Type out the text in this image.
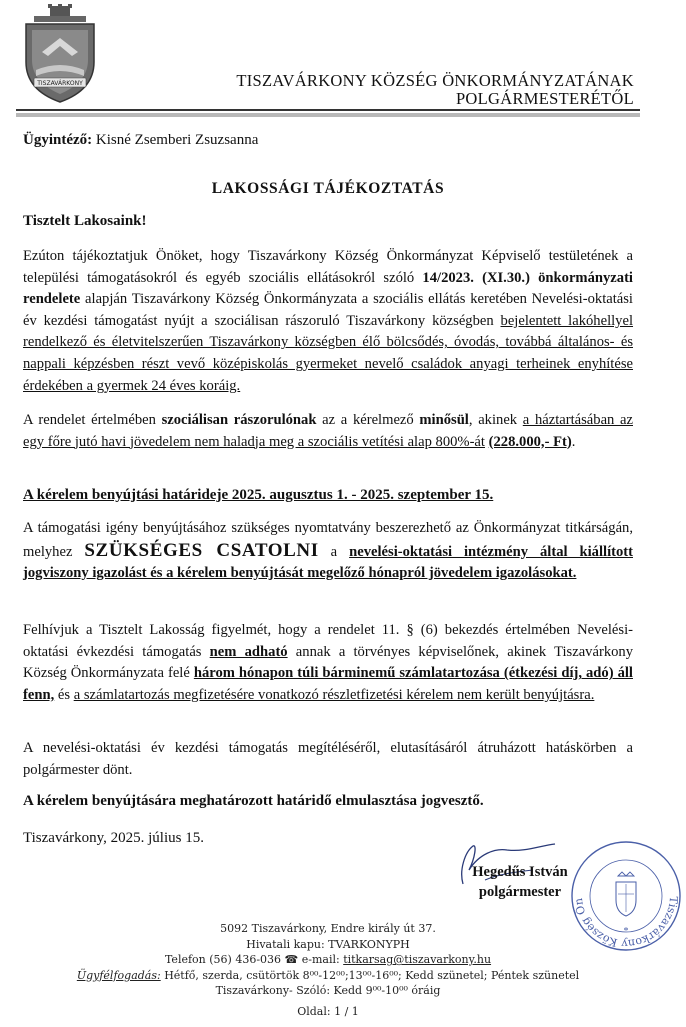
TISZAVÁRKONY	TISZAVÁRKONY KÖZSÉG ÖNKORMÁNYZATÁNAK
POLGÁRMESTERÉTŐL
Ügyintéző: Kisné Zsemberi Zsuzsanna
LAKOSSÁGI TÁJÉKOZTATÁS
Tisztelt Lakosaink!

Ezúton tájékoztatjuk Önöket, hogy Tiszavárkony Község Önkormányzat Képviselő testületének a települési támogatásokról és egyéb szociális ellátásokról szóló 14/2023. (XI.30.) önkormányzati rendelete alapján Tiszavárkony Község Önkormányzata a szociális ellátás keretében Nevelési-oktatási év kezdési támogatást nyújt a szociálisan rászoruló Tiszavárkony községben bejelentett lakóhellyel rendelkező és életvitelszerűen Tiszavárkony községben élő bölcsődés, óvodás, továbbá általános- és nappali képzésben részt vevő középiskolás gyermeket nevelő családok anyagi terheinek enyhítése érdekében a gyermek 24 éves koráig.

A rendelet értelmében szociálisan rászorulónak az a kérelmező minősül, akinek a háztartásában az egy főre jutó havi jövedelem nem haladja meg a szociális vetítési alap 800%-át (228.000,- Ft).

A kérelem benyújtási határideje 2025. augusztus 1. - 2025. szeptember 15.

A támogatási igény benyújtásához szükséges nyomtatvány beszerezhető az Önkormányzat titkárságán, melyhez SZÜKSÉGES CSATOLNI a nevelési-oktatási intézmény által kiállított jogviszony igazolást és a kérelem benyújtását megelőző hónapról jövedelem igazolásokat.

Felhívjuk a Tisztelt Lakosság figyelmét, hogy a rendelet 11. § (6) bekezdés értelmében Nevelési-oktatási évkezdési támogatás nem adható annak a törvényes képviselőnek, akinek Tiszavárkony Község Önkormányzata felé három hónapon túli bárminemű számlatartozása (étkezési díj, adó) áll fenn, és a számlatartozás megfizetésére vonatkozó részletfizetési kérelem nem került benyújtásra.

A nevelési-oktatási év kezdési támogatás megítéléséről, elutasításáról átruházott hatáskörben a polgármester dönt.

A kérelem benyújtására meghatározott határidő elmulasztása jogvesztő.
Tiszavárkony, 2025. július 15.
Hegedűs István
polgármester	Tiszavárkony Község Ön
*
5092 Tiszavárkony, Endre király út 37.
Hivatali kapu: TVARKONYPH
Telefon (56) 436-036 ☎ e-mail: titkarsag@tiszavarkony.hu
Ügyfélfogadás: Hétfő, szerda, csütörtök 8⁰⁰-12⁰⁰;13⁰⁰-16⁰⁰; Kedd szünetel; Péntek szünetel
Tiszavárkony- Szóló: Kedd 9⁰⁰-10⁰⁰ óráig
Oldal: 1 / 1
